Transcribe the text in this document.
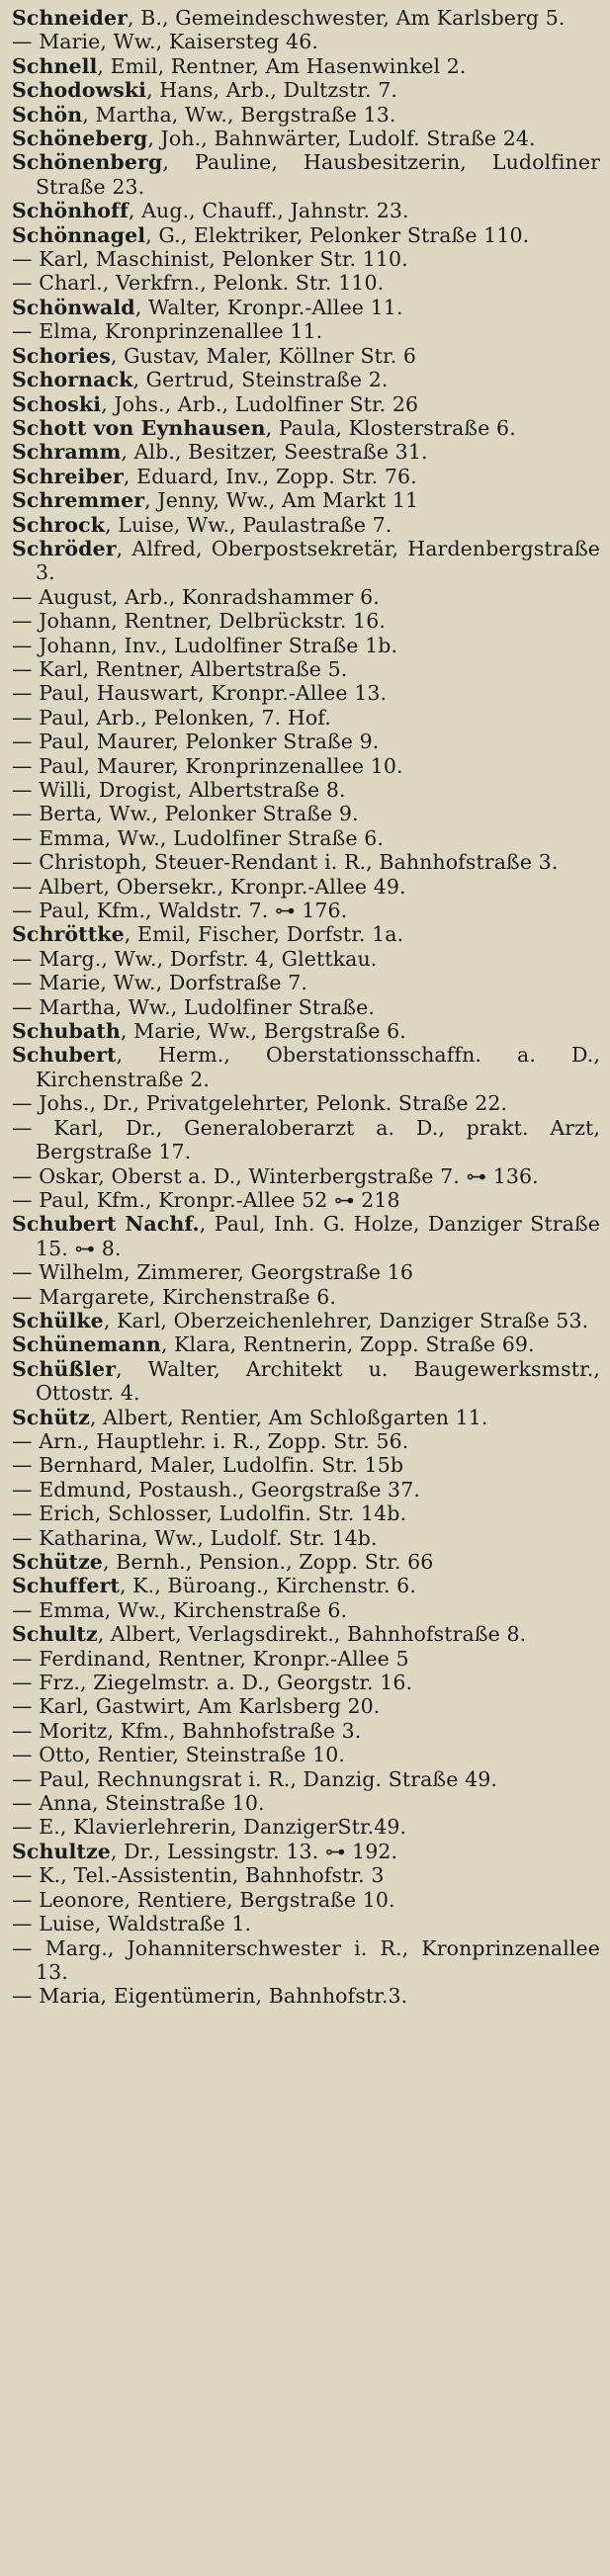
Schneider, B., Gemeindeschwester, Am Karlsberg 5.

— Marie, Ww., Kaisersteg 46.

Schnell, Emil, Rentner, Am Hasenwinkel 2.

Schodowski, Hans, Arb., Dultzstr. 7.

Schön, Martha, Ww., Bergstraße 13.

Schöneberg, Joh., Bahnwärter, Ludolf. Straße 24.

Schönenberg, Pauline, Hausbesitzerin, Ludolfiner Straße 23.

Schönhoff, Aug., Chauff., Jahnstr. 23.

Schönnagel, G., Elektriker, Pelonker Straße 110.

— Karl, Maschinist, Pelonker Str. 110.

— Charl., Verkfrn., Pelonk. Str. 110.

Schönwald, Walter, Kronpr.-Allee 11.

— Elma, Kronprinzenallee 11.

Schories, Gustav, Maler, Köllner Str. 6

Schornack, Gertrud, Steinstraße 2.

Schoski, Johs., Arb., Ludolfiner Str. 26

Schott von Eynhausen, Paula, Klosterstraße 6.

Schramm, Alb., Besitzer, Seestraße 31.

Schreiber, Eduard, Inv., Zopp. Str. 76.

Schremmer, Jenny, Ww., Am Markt 11

Schrock, Luise, Ww., Paulastraße 7.

Schröder, Alfred, Oberpostsekretär, Hardenbergstraße 3.

— August, Arb., Konradshammer 6.

— Johann, Rentner, Delbrückstr. 16.

— Johann, Inv., Ludolfiner Straße 1b.

— Karl, Rentner, Albertstraße 5.

— Paul, Hauswart, Kronpr.-Allee 13.

— Paul, Arb., Pelonken, 7. Hof.

— Paul, Maurer, Pelonker Straße 9.

— Paul, Maurer, Kronprinzenallee 10.

— Willi, Drogist, Albertstraße 8.

— Berta, Ww., Pelonker Straße 9.

— Emma, Ww., Ludolfiner Straße 6.

— Christoph, Steuer-Rendant i. R., Bahnhofstraße 3.

— Albert, Obersekr., Kronpr.-Allee 49.

— Paul, Kfm., Waldstr. 7. ⊶ 176.

Schröttke, Emil, Fischer, Dorfstr. 1a.

— Marg., Ww., Dorfstr. 4, Glettkau.

— Marie, Ww., Dorfstraße 7.

— Martha, Ww., Ludolfiner Straße.

Schubath, Marie, Ww., Bergstraße 6.

Schubert, Herm., Oberstationsschaffn. a. D., Kirchenstraße 2.

— Johs., Dr., Privatgelehrter, Pelonk. Straße 22.

— Karl, Dr., Generaloberarzt a. D., prakt. Arzt, Bergstraße 17.

— Oskar, Oberst a. D., Winterbergstraße 7. ⊶ 136.

— Paul, Kfm., Kronpr.-Allee 52 ⊶ 218

Schubert Nachf., Paul, Inh. G. Holze, Danziger Straße 15. ⊶ 8.

— Wilhelm, Zimmerer, Georgstraße 16

— Margarete, Kirchenstraße 6.

Schülke, Karl, Oberzeichenlehrer, Danziger Straße 53.

Schünemann, Klara, Rentnerin, Zopp. Straße 69.

Schüßler, Walter, Architekt u. Baugewerksmstr., Ottostr. 4.

Schütz, Albert, Rentier, Am Schloßgarten 11.

— Arn., Hauptlehr. i. R., Zopp. Str. 56.

— Bernhard, Maler, Ludolfin. Str. 15b

— Edmund, Postaush., Georgstraße 37.

— Erich, Schlosser, Ludolfin. Str. 14b.

— Katharina, Ww., Ludolf. Str. 14b.

Schütze, Bernh., Pension., Zopp. Str. 66

Schuffert, K., Büroang., Kirchenstr. 6.

— Emma, Ww., Kirchenstraße 6.

Schultz, Albert, Verlagsdirekt., Bahnhofstraße 8.

— Ferdinand, Rentner, Kronpr.-Allee 5

— Frz., Ziegelmstr. a. D., Georgstr. 16.

— Karl, Gastwirt, Am Karlsberg 20.

— Moritz, Kfm., Bahnhofstraße 3.

— Otto, Rentier, Steinstraße 10.

— Paul, Rechnungsrat i. R., Danzig. Straße 49.

— Anna, Steinstraße 10.

— E., Klavierlehrerin, DanzigerStr.49.

Schultze, Dr., Lessingstr. 13. ⊶ 192.

— K., Tel.-Assistentin, Bahnhofstr. 3

— Leonore, Rentiere, Bergstraße 10.

— Luise, Waldstraße 1.

— Marg., Johanniterschwester i. R., Kronprinzenallee 13.

— Maria, Eigentümerin, Bahnhofstr.3.
